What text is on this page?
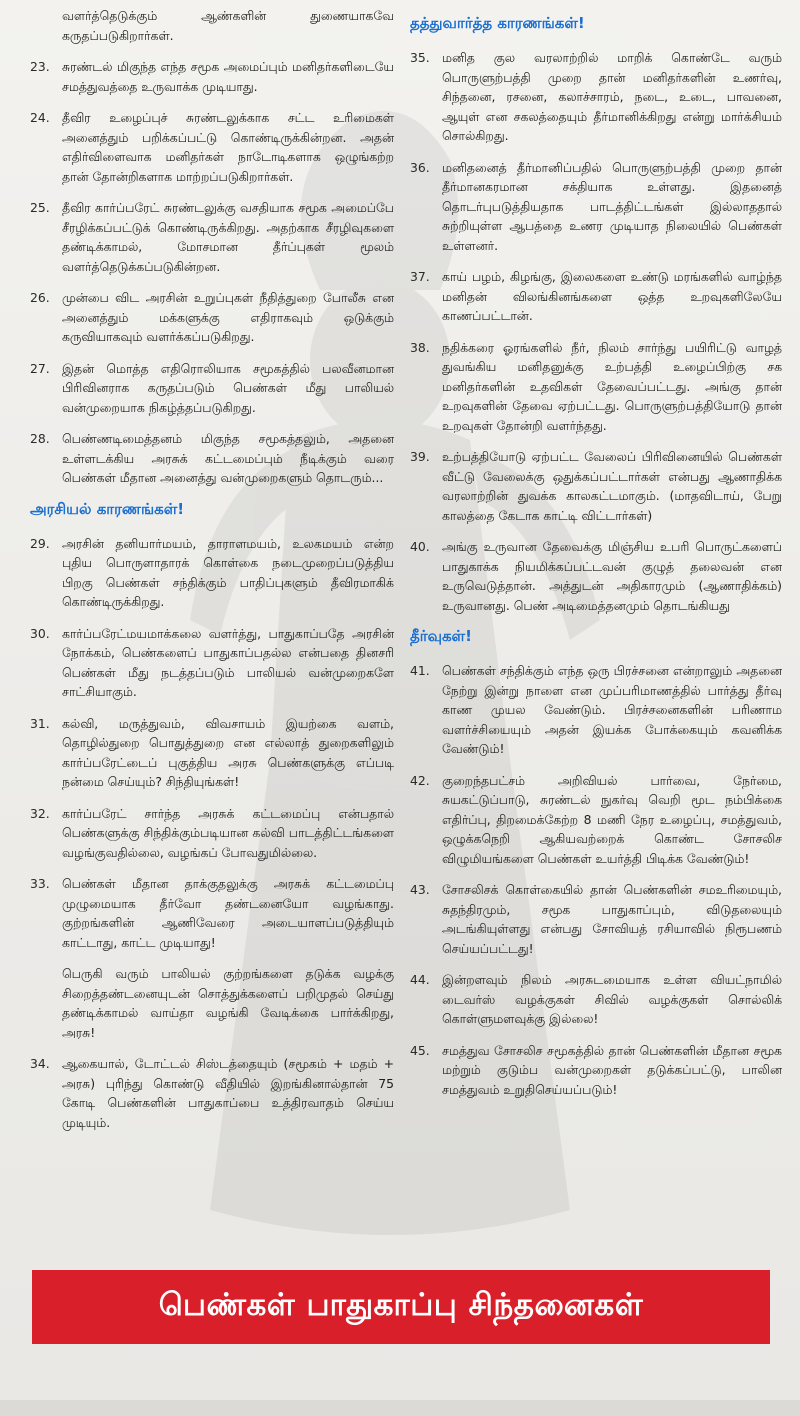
வளர்த்தெடுக்கும் ஆண்களின் துணையாகவே கருதப்படுகிறார்கள்.
23. சுரண்டல் மிகுந்த எந்த சமூக அமைப்பும் மனிதர்களிடையே சமத்துவத்தை உருவாக்க முடியாது.
24. தீவிர உழைப்புச் சுரண்டலுக்காக சட்ட உரிமைகள் அனைத்தும் பறிக்கப்பட்டு கொண்டிருக்கின்றன. அதன் எதிர்விளைவாக மனிதர்கள் நாடோடிகளாக ஒழுங்கற்ற தான் தோன்றிகளாக மாற்றப்படுகிறார்கள்.
25. தீவிர கார்ப்பரேட் சுரண்டலுக்கு வசதியாக சமூக அமைப்பே சீரழிக்கப்பட்டுக் கொண்டிருக்கிறது. அதற்காக சீரழிவுகளை தண்டிக்காமல், மோசமான தீர்ப்புகள் மூலம் வளர்த்தெடுக்கப்படுகின்றன.
26. முன்பை விட அரசின் உறுப்புகள் நீதித்துறை போலீசு என அனைத்தும் மக்களுக்கு எதிராகவும் ஒடுக்கும் கருவியாகவும் வளர்க்கப்படுகிறது.
27. இதன் மொத்த எதிரொலியாக சமூகத்தில் பலவீனமான பிரிவினராக கருதப்படும் பெண்கள் மீது பாலியல் வன்முறையாக நிகழ்த்தப்படுகிறது.
28. பெண்ணடிமைத்தனம் மிகுந்த சமூகத்தலும், அதனை உள்ளடக்கிய அரசுக் கட்டமைப்பும் நீடிக்கும் வரை பெண்கள் மீதான அனைத்து வன்முறைகளும் தொடரும்...
அரசியல் காரணங்கள்!
29. அரசின் தனியார்மயம், தாராளமயம், உலகமயம் என்ற புதிய பொருளாதாரக் கொள்கை நடைமுறைப்படுத்திய பிறகு பெண்கள் சந்திக்கும் பாதிப்புகளும் தீவிரமாகிக் கொண்டிருக்கிறது.
30. கார்ப்பரேட்மயமாக்கலை வளர்த்து, பாதுகாப்பதே அரசின் நோக்கம், பெண்களைப் பாதுகாப்பதல்ல என்பதை தினசரி பெண்கள் மீது நடத்தப்படும் பாலியல் வன்முறைகளே சாட்சியாகும்.
31. கல்வி, மருத்துவம், விவசாயம் இயற்கை வளம், தொழில்துறை பொதுத்துறை என எல்லாத் துறைகளிலும் கார்ப்பரேட்டைப் புகுத்திய அரசு பெண்களுக்கு எப்படி நன்மை செய்யும்? சிந்தியுங்கள்!
32. கார்ப்பரேட் சார்ந்த அரசுக் கட்டமைப்பு என்பதால் பெண்களுக்கு சிந்திக்கும்படியான கல்வி பாடத்திட்டங்களை வழங்குவதில்லை, வழங்கப் போவதுமில்லை.
33. பெண்கள் மீதான தாக்குதலுக்கு அரசுக் கட்டமைப்பு முழுமையாக தீர்வோ தண்டனையோ வழங்காது. குற்றங்களின் ஆணிவேரை அடையாளப்படுத்தியும் காட்டாது, காட்ட முடியாது!
பெருகி வரும் பாலியல் குற்றங்களை தடுக்க வழக்கு சிறைத்தண்டனையுடன் சொத்துக்களைப் பறிமுதல் செய்து தண்டிக்காமல் வாய்தா வழங்கி வேடிக்கை பார்க்கிறது, அரசு!
34. ஆகையால், டோட்டல் சிஸ்டத்தையும் (சமூகம் + மதம் + அரசு) புரிந்து கொண்டு வீதியில் இறங்கினால்தான் 75 கோடி பெண்களின் பாதுகாப்பை உத்திரவாதம் செய்ய முடியும்.
தத்துவார்த்த காரணங்கள்!
35. மனித குல வரலாற்றில் மாறிக் கொண்டே வரும் பொருளுற்பத்தி முறை தான் மனிதர்களின் உணர்வு, சிந்தனை, ரசனை, கலாச்சாரம், நடை, உடை, பாவனை, ஆயுள் என சகலத்தையும் தீர்மானிக்கிறது என்று மார்க்சியம் சொல்கிறது.
36. மனிதனைத் தீர்மானிப்பதில் பொருளுற்பத்தி முறை தான் தீர்மானகரமான சக்தியாக உள்ளது. இதனைத் தொடர்புபடுத்தியதாக பாடத்திட்டங்கள் இல்லாததால் சுற்றியுள்ள ஆபத்தை உணர முடியாத நிலையில் பெண்கள் உள்ளனர்.
37. காய் பழம், கிழங்கு, இலைகளை உண்டு மரங்களில் வாழ்ந்த மனிதன் விலங்கினங்களை ஒத்த உறவுகளிலேயே காணப்பட்டான்.
38. நதிக்கரை ஓரங்களில் நீர், நிலம் சார்ந்து பயிரிட்டு வாழத் துவங்கிய மனிதனுக்கு உற்பத்தி உழைப்பிற்கு சக மனிதர்களின் உதவிகள் தேவைப்பட்டது. அங்கு தான் உறவுகளின் தேவை ஏற்பட்டது. பொருளுற்பத்தியோடு தான் உறவுகள் தோன்றி வளர்ந்தது.
39. உற்பத்தியோடு ஏற்பட்ட வேலைப் பிரிவினையில் பெண்கள் வீட்டு வேலைக்கு ஒதுக்கப்பட்டார்கள் என்பது ஆணாதிக்க வரலாற்றின் துவக்க காலகட்டமாகும். (மாதவிடாய், பேறு காலத்தை கேடாக காட்டி விட்டார்கள்)
40. அங்கு உருவான தேவைக்கு மிஞ்சிய உபரி பொருட்களைப் பாதுகாக்க நியமிக்கப்பட்டவன் குழுத் தலைவன் என உருவெடுத்தான். அத்துடன் அதிகாரமும் (ஆணாதிக்கம்) உருவானது. பெண் அடிமைத்தனமும் தொடங்கியது
தீர்வுகள்!
41. பெண்கள் சந்திக்கும் எந்த ஒரு பிரச்சனை என்றாலும் அதனை நேற்று இன்று நாளை என முப்பரிமாணத்தில் பார்த்து தீர்வு காண முயல வேண்டும். பிரச்சனைகளின் பரிணாம வளர்ச்சியையும் அதன் இயக்க போக்கையும் கவனிக்க வேண்டும்!
42. குறைந்தபட்சம் அறிவியல் பார்வை, நேர்மை, சுயகட்டுப்பாடு, சுரண்டல் நுகர்வு வெறி மூட நம்பிக்கை எதிர்ப்பு, திறமைக்கேற்ற 8 மணி நேர உழைப்பு, சமத்துவம், ஒழுக்கநெறி ஆகியவற்றைக் கொண்ட சோசலிச விழுமியங்களை பெண்கள் உயர்த்தி பிடிக்க வேண்டும்!
43. சோசலிசக் கொள்கையில் தான் பெண்களின் சமஉரிமையும், சுதந்திரமும், சமூக பாதுகாப்பும், விடுதலையும் அடங்கியுள்ளது என்பது சோவியத் ரசியாவில் நிரூபணம் செய்யப்பட்டது!
44. இன்றளவும் நிலம் அரசுடமையாக உள்ள வியட்நாமில் டைவர்ஸ் வழக்குகள் சிவில் வழக்குகள் சொல்லிக் கொள்ளுமளவுக்கு இல்லை!
45. சமத்துவ சோசலிச சமூகத்தில் தான் பெண்களின் மீதான சமூக மற்றும் குடும்ப வன்முறைகள் தடுக்கப்பட்டு, பாலின சமத்துவம் உறுதிசெய்யப்படும்!
பெண்கள் பாதுகாப்பு சிந்தனைகள்
